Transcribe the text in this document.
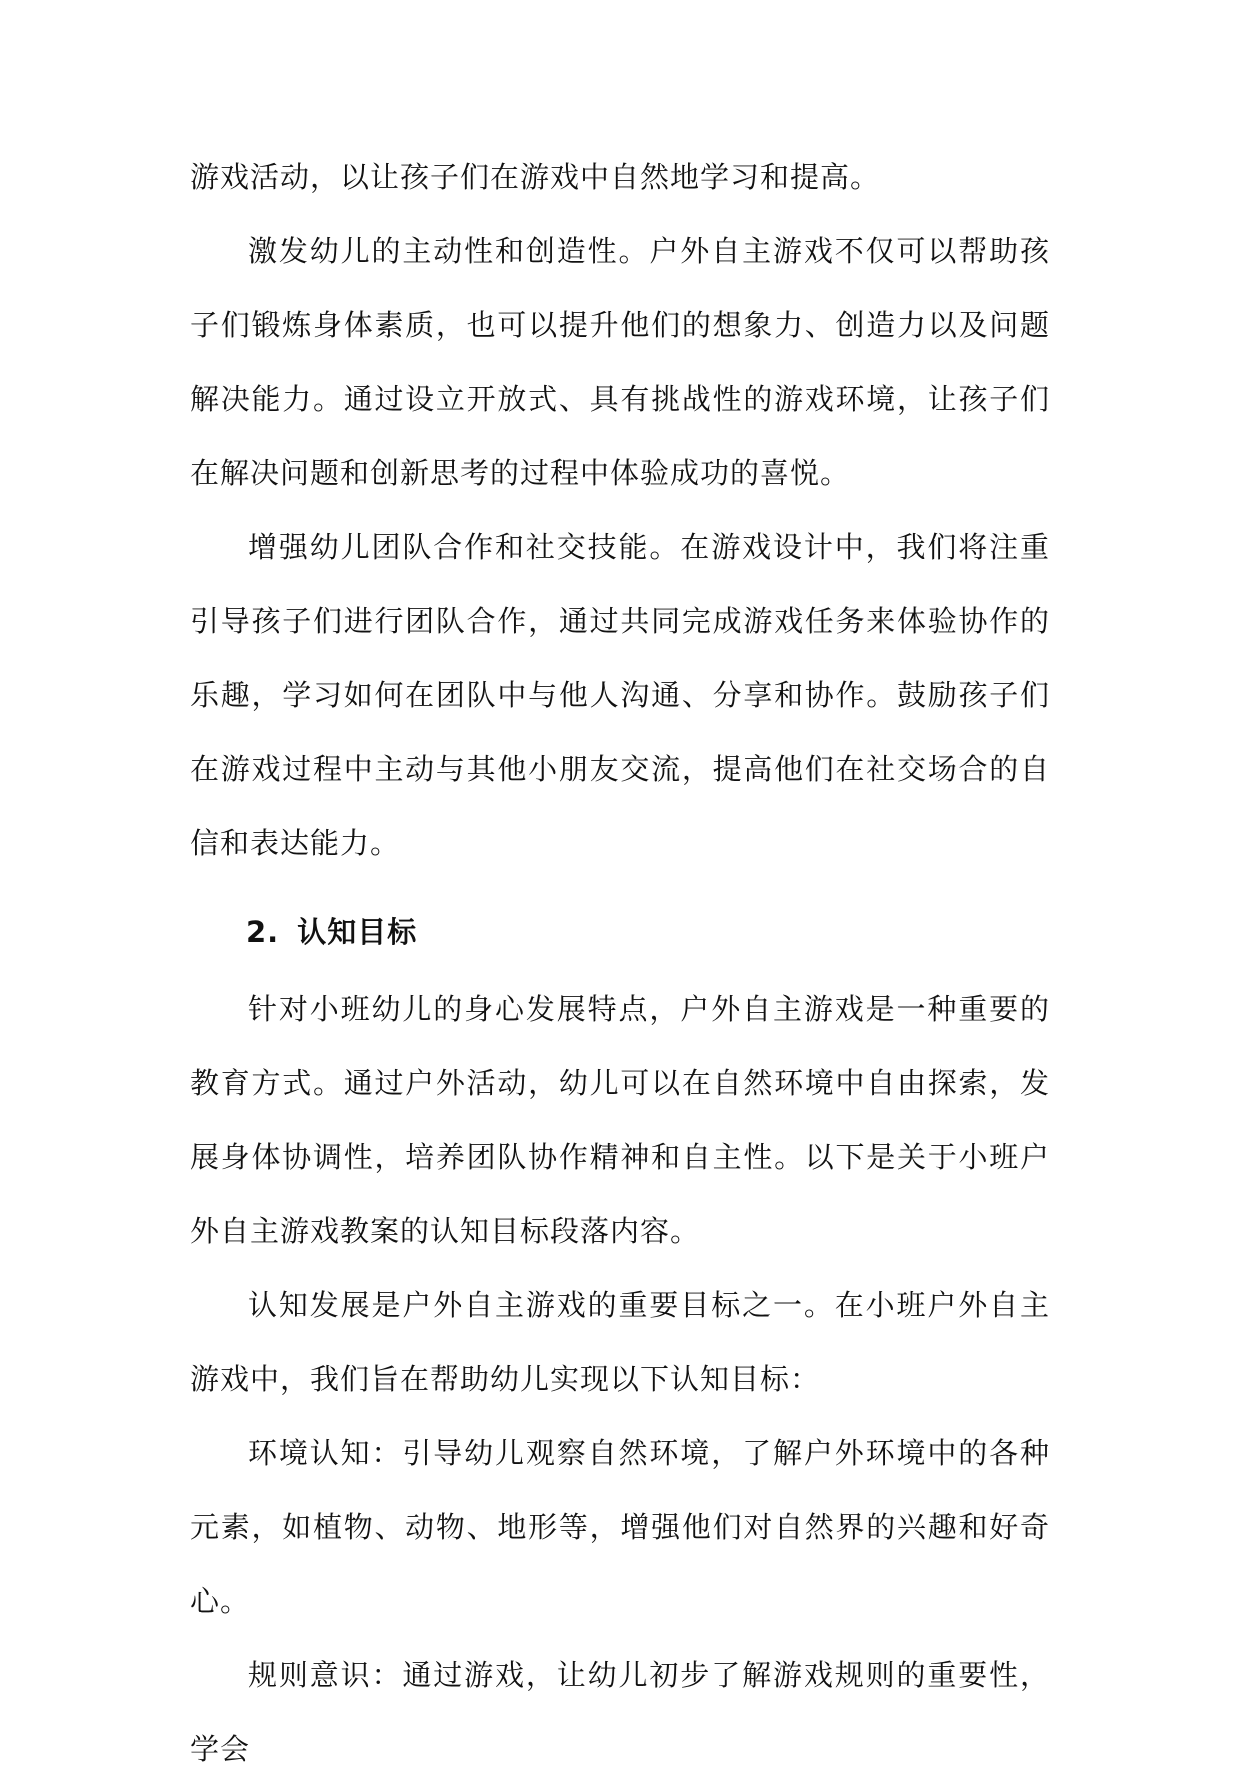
游戏活动，以让孩子们在游戏中自然地学习和提高。

激发幼儿的主动性和创造性。户外自主游戏不仅可以帮助孩子们锻炼身体素质，也可以提升他们的想象力、创造力以及问题解决能力。通过设立开放式、具有挑战性的游戏环境，让孩子们在解决问题和创新思考的过程中体验成功的喜悦。

增强幼儿团队合作和社交技能。在游戏设计中，我们将注重引导孩子们进行团队合作，通过共同完成游戏任务来体验协作的乐趣，学习如何在团队中与他人沟通、分享和协作。鼓励孩子们在游戏过程中主动与其他小朋友交流，提高他们在社交场合的自信和表达能力。

2. 认知目标

针对小班幼儿的身心发展特点，户外自主游戏是一种重要的教育方式。通过户外活动，幼儿可以在自然环境中自由探索，发展身体协调性，培养团队协作精神和自主性。以下是关于小班户外自主游戏教案的认知目标段落内容。

认知发展是户外自主游戏的重要目标之一。在小班户外自主游戏中，我们旨在帮助幼儿实现以下认知目标：

环境认知：引导幼儿观察自然环境，了解户外环境中的各种元素，如植物、动物、地形等，增强他们对自然界的兴趣和好奇心。

规则意识：通过游戏，让幼儿初步了解游戏规则的重要性，学会
